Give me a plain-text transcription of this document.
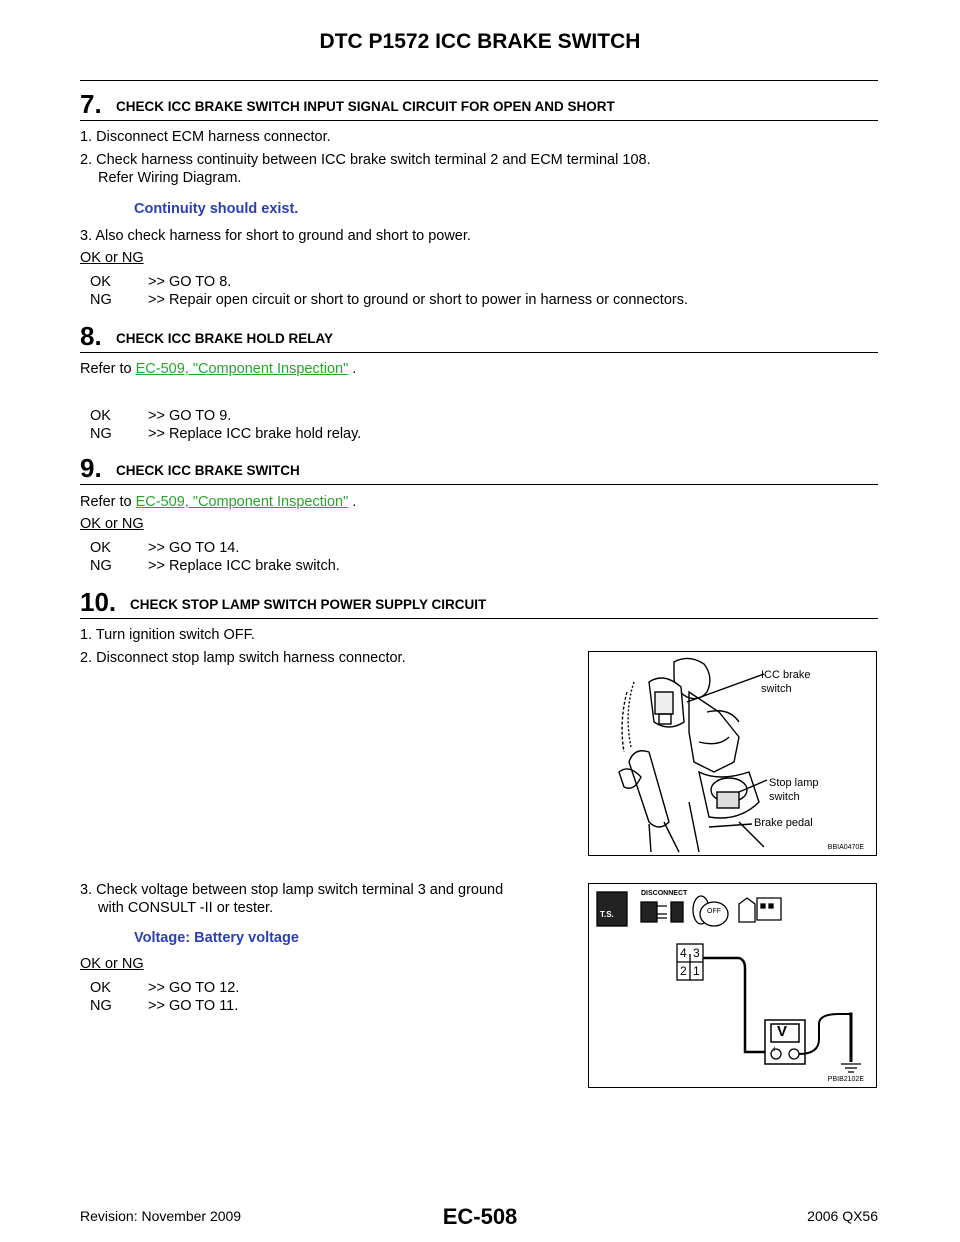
DTC P1572 ICC BRAKE SWITCH
7. CHECK ICC BRAKE SWITCH INPUT SIGNAL CIRCUIT FOR OPEN AND SHORT
1. Disconnect ECM harness connector.
2. Check harness continuity between ICC brake switch terminal 2 and ECM terminal 108.
Refer Wiring Diagram.
Continuity should exist.
3. Also check harness for short to ground and short to power.
OK or NG
OK	>> GO TO 8.
NG	>> Repair open circuit or short to ground or short to power in harness or connectors.
8. CHECK ICC BRAKE HOLD RELAY
Refer to EC-509, "Component Inspection" .
OK	>> GO TO 9.
NG	>> Replace ICC brake hold relay.
9. CHECK ICC BRAKE SWITCH
Refer to EC-509, "Component Inspection" .
OK or NG
OK	>> GO TO 14.
NG	>> Replace ICC brake switch.
10. CHECK STOP LAMP SWITCH POWER SUPPLY CIRCUIT
1. Turn ignition switch OFF.
2. Disconnect stop lamp switch harness connector.
3. Check voltage between stop lamp switch terminal 3 and ground
with CONSULT -II or tester.
Voltage: Battery voltage
OK or NG
OK	>> GO TO 12.
NG	>> GO TO 11.
ICC brake
switch
Stop lamp
switch
Brake pedal
BBIA0470E
T.S.
DISCONNECT
OFF
4 3
2 1
V
+ −
PBIB2102E
Revision: November 2009	EC-508	2006 QX56
